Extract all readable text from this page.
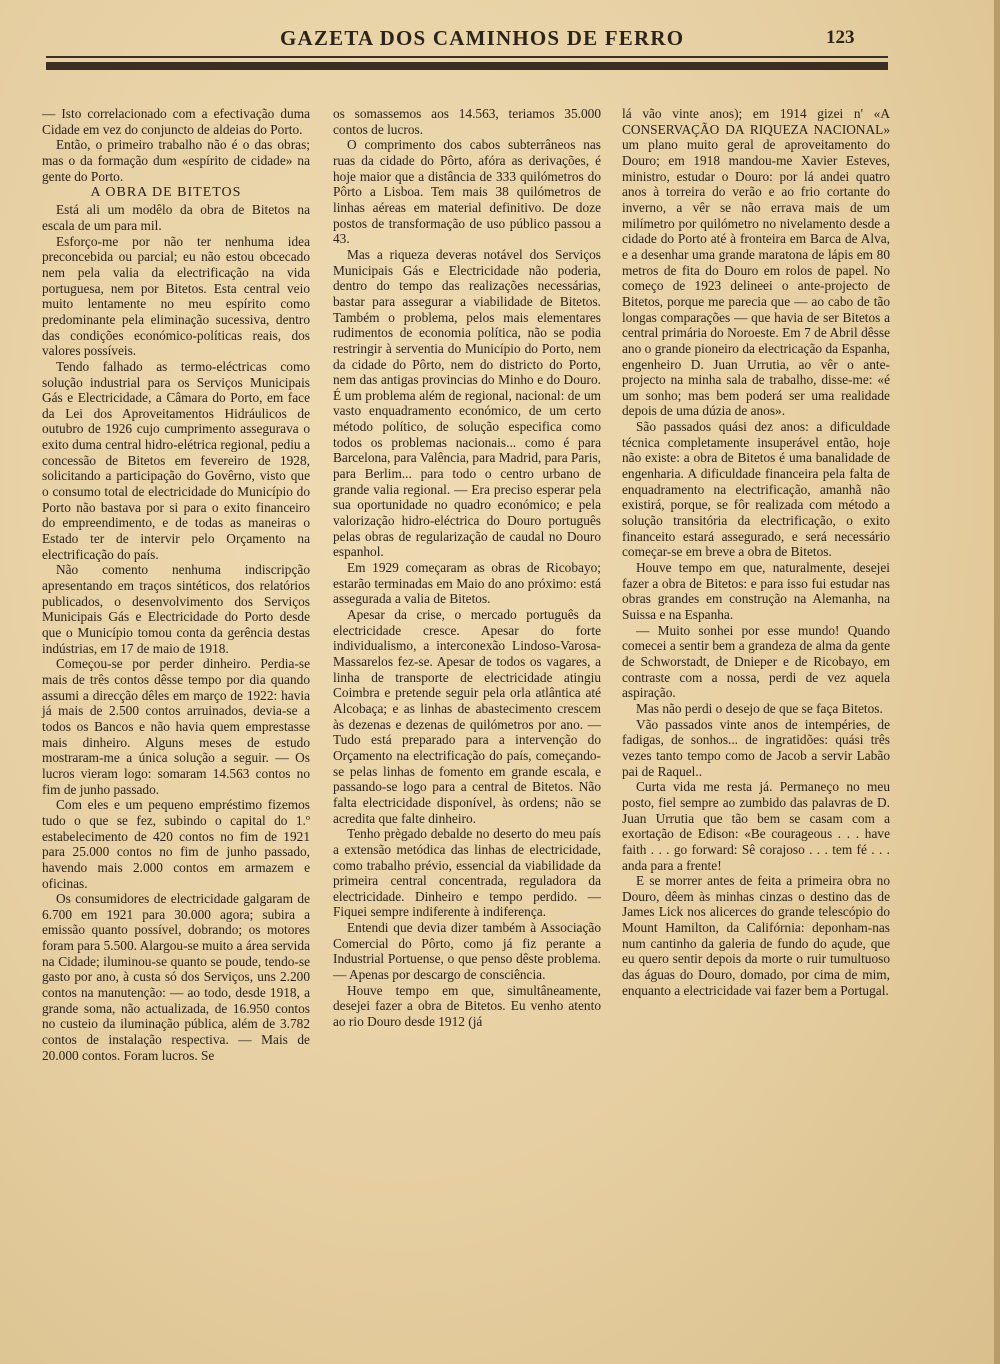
GAZETA DOS CAMINHOS DE FERRO	123

— Isto correlacionado com a efectivação duma Cidade em vez do conjuncto de aldeias do Porto.

Então, o primeiro trabalho não é o das obras; mas o da formação dum «espírito de cidade» na gente do Porto.

A OBRA DE BITETOS

Está ali um modêlo da obra de Bitetos na escala de um para mil.

Esforço-me por não ter nenhuma idea preconcebida ou parcial; eu não estou obcecado nem pela valia da electrificação na vida portuguesa, nem por Bitetos. Esta central veio muito lentamente no meu espírito como predominante pela eliminação sucessiva, dentro das condições económico-políticas reais, dos valores possíveis.

Tendo falhado as termo-eléctricas como solução industrial para os Serviços Municipais Gás e Electricidade, a Câmara do Porto, em face da Lei dos Aproveitamentos Hidráulicos de outubro de 1926 cujo cumprimento assegurava o exito duma central hidro-elétrica regional, pediu a concessão de Bitetos em fevereiro de 1928, solicitando a participação do Govêrno, visto que o consumo total de electricidade do Município do Porto não bastava por si para o exito financeiro do empreendimento, e de todas as maneiras o Estado ter de intervir pelo Orçamento na electrificação do país.

Não comento nenhuma indiscripção apresentando em traços sintéticos, dos relatórios publicados, o desenvolvimento dos Serviços Municipais Gás e Electricidade do Porto desde que o Município tomou conta da gerência destas indústrias, em 17 de maio de 1918.

Começou-se por perder dinheiro. Perdia-se mais de três contos dêsse tempo por dia quando assumi a direcção dêles em março de 1922: havia já mais de 2.500 contos arruinados, devia-se a todos os Bancos e não havia quem emprestasse mais dinheiro. Alguns meses de estudo mostraram-me a única solução a seguir. — Os lucros vieram logo: somaram 14.563 contos no fim de junho passado.

Com eles e um pequeno empréstimo fizemos tudo o que se fez, subindo o capital do 1.º estabelecimento de 420 contos no fim de 1921 para 25.000 contos no fim de junho passado, havendo mais 2.000 contos em armazem e oficinas.

Os consumidores de electricidade galgaram de 6.700 em 1921 para 30.000 agora; subira a emissão quanto possível, dobrando; os motores foram para 5.500. Alargou-se muito a área servida na Cidade; iluminou-se quanto se poude, tendo-se gasto por ano, à custa só dos Serviços, uns 2.200 contos na manutenção: — ao todo, desde 1918, a grande soma, não actualizada, de 16.950 contos no custeio da iluminação pública, além de 3.782 contos de instalação respectiva. — Mais de 20.000 contos. Foram lucros. Se

os somassemos aos 14.563, teriamos 35.000 contos de lucros.

O comprimento dos cabos subterrâneos nas ruas da cidade do Pôrto, afóra as derivações, é hoje maior que a distância de 333 quilómetros do Pôrto a Lisboa. Tem mais 38 quilómetros de linhas aéreas em material definitivo. De doze postos de transformação de uso público passou a 43.

Mas a riqueza deveras notável dos Serviços Municipais Gás e Electricidade não poderia, dentro do tempo das realizações necessárias, bastar para assegurar a viabilidade de Bitetos. Também o problema, pelos mais elementares rudimentos de economia política, não se podia restringir à serventia do Município do Porto, nem da cidade do Pôrto, nem do districto do Porto, nem das antigas provincias do Minho e do Douro. É um problema além de regional, nacional: de um vasto enquadramento económico, de um certo método político, de solução especifica como todos os problemas nacionais... como é para Barcelona, para Valência, para Madrid, para Paris, para Berlim... para todo o centro urbano de grande valia regional. — Era preciso esperar pela sua oportunidade no quadro económico; e pela valorização hidro-eléctrica do Douro português pelas obras de regularização de caudal no Douro espanhol.

Em 1929 começaram as obras de Ricobayo; estarão terminadas em Maio do ano próximo: está assegurada a valia de Bitetos.

Apesar da crise, o mercado português da electricidade cresce. Apesar do forte individualismo, a interconexão Lindoso-Varosa-Massarelos fez-se. Apesar de todos os vagares, a linha de transporte de electricidade atingiu Coimbra e pretende seguir pela orla atlântica até Alcobaça; e as linhas de abastecimento crescem às dezenas e dezenas de quilómetros por ano. — Tudo está preparado para a intervenção do Orçamento na electrificação do país, começando-se pelas linhas de fomento em grande escala, e passando-se logo para a central de Bitetos. Não falta electricidade disponível, às ordens; não se acredita que falte dinheiro.

Tenho prègado debalde no deserto do meu país a extensão metódica das linhas de electricidade, como trabalho prévio, essencial da viabilidade da primeira central concentrada, reguladora da electricidade. Dinheiro e tempo perdido. — Fiquei sempre indiferente à indiferença.

Entendi que devia dizer também à Associação Comercial do Pôrto, como já fiz perante a Industrial Portuense, o que penso dêste problema. — Apenas por descargo de consciência.

Houve tempo em que, simultâneamente, desejei fazer a obra de Bitetos. Eu venho atento ao rio Douro desde 1912 (já

lá vão vinte anos); em 1914 gizei n' «A CONSERVAÇÃO DA RIQUEZA NACIONAL» um plano muito geral de aproveitamento do Douro; em 1918 mandou-me Xavier Esteves, ministro, estudar o Douro: por lá andei quatro anos à torreira do verão e ao frio cortante do inverno, a vêr se não errava mais de um milímetro por quilómetro no nivelamento desde a cidade do Porto até à fronteira em Barca de Alva, e a desenhar uma grande maratona de lápis em 80 metros de fita do Douro em rolos de papel. No começo de 1923 delineei o ante-projecto de Bitetos, porque me parecia que — ao cabo de tão longas comparações — que havia de ser Bitetos a central primária do Noroeste. Em 7 de Abril dêsse ano o grande pioneiro da electricação da Espanha, engenheiro D. Juan Urrutia, ao vêr o ante-projecto na minha sala de trabalho, disse-me: «é um sonho; mas bem poderá ser uma realidade depois de uma dúzia de anos».

São passados quási dez anos: a dificuldade técnica completamente insuperável então, hoje não existe: a obra de Bitetos é uma banalidade de engenharia. A dificuldade financeira pela falta de enquadramento na electrificação, amanhã não existirá, porque, se fôr realizada com método a solução transitória da electrificação, o exito financeito estará assegurado, e será necessário começar-se em breve a obra de Bitetos.

Houve tempo em que, naturalmente, desejei fazer a obra de Bitetos: e para isso fui estudar nas obras grandes em construção na Alemanha, na Suissa e na Espanha.

— Muito sonhei por esse mundo! Quando comecei a sentir bem a grandeza de alma da gente de Schworstadt, de Dnieper e de Ricobayo, em contraste com a nossa, perdi de vez aquela aspiração.

Mas não perdi o desejo de que se faça Bitetos.

Vão passados vinte anos de intempéries, de fadigas, de sonhos... de ingratidões: quási três vezes tanto tempo como de Jacob a servir Labão pai de Raquel..

Curta vida me resta já. Permaneço no meu posto, fiel sempre ao zumbido das palavras de D. Juan Urrutia que tão bem se casam com a exortação de Edison: «Be courageous . . . have faith . . . go forward: Sê corajoso . . . tem fé . . . anda para a frente!

E se morrer antes de feita a primeira obra no Douro, dêem às minhas cinzas o destino das de James Lick nos alicerces do grande telescópio do Mount Hamilton, da Califórnia: deponham-nas num cantinho da galeria de fundo do açude, que eu quero sentir depois da morte o ruir tumultuoso das águas do Douro, domado, por cima de mim, enquanto a electricidade vai fazer bem a Portugal.
